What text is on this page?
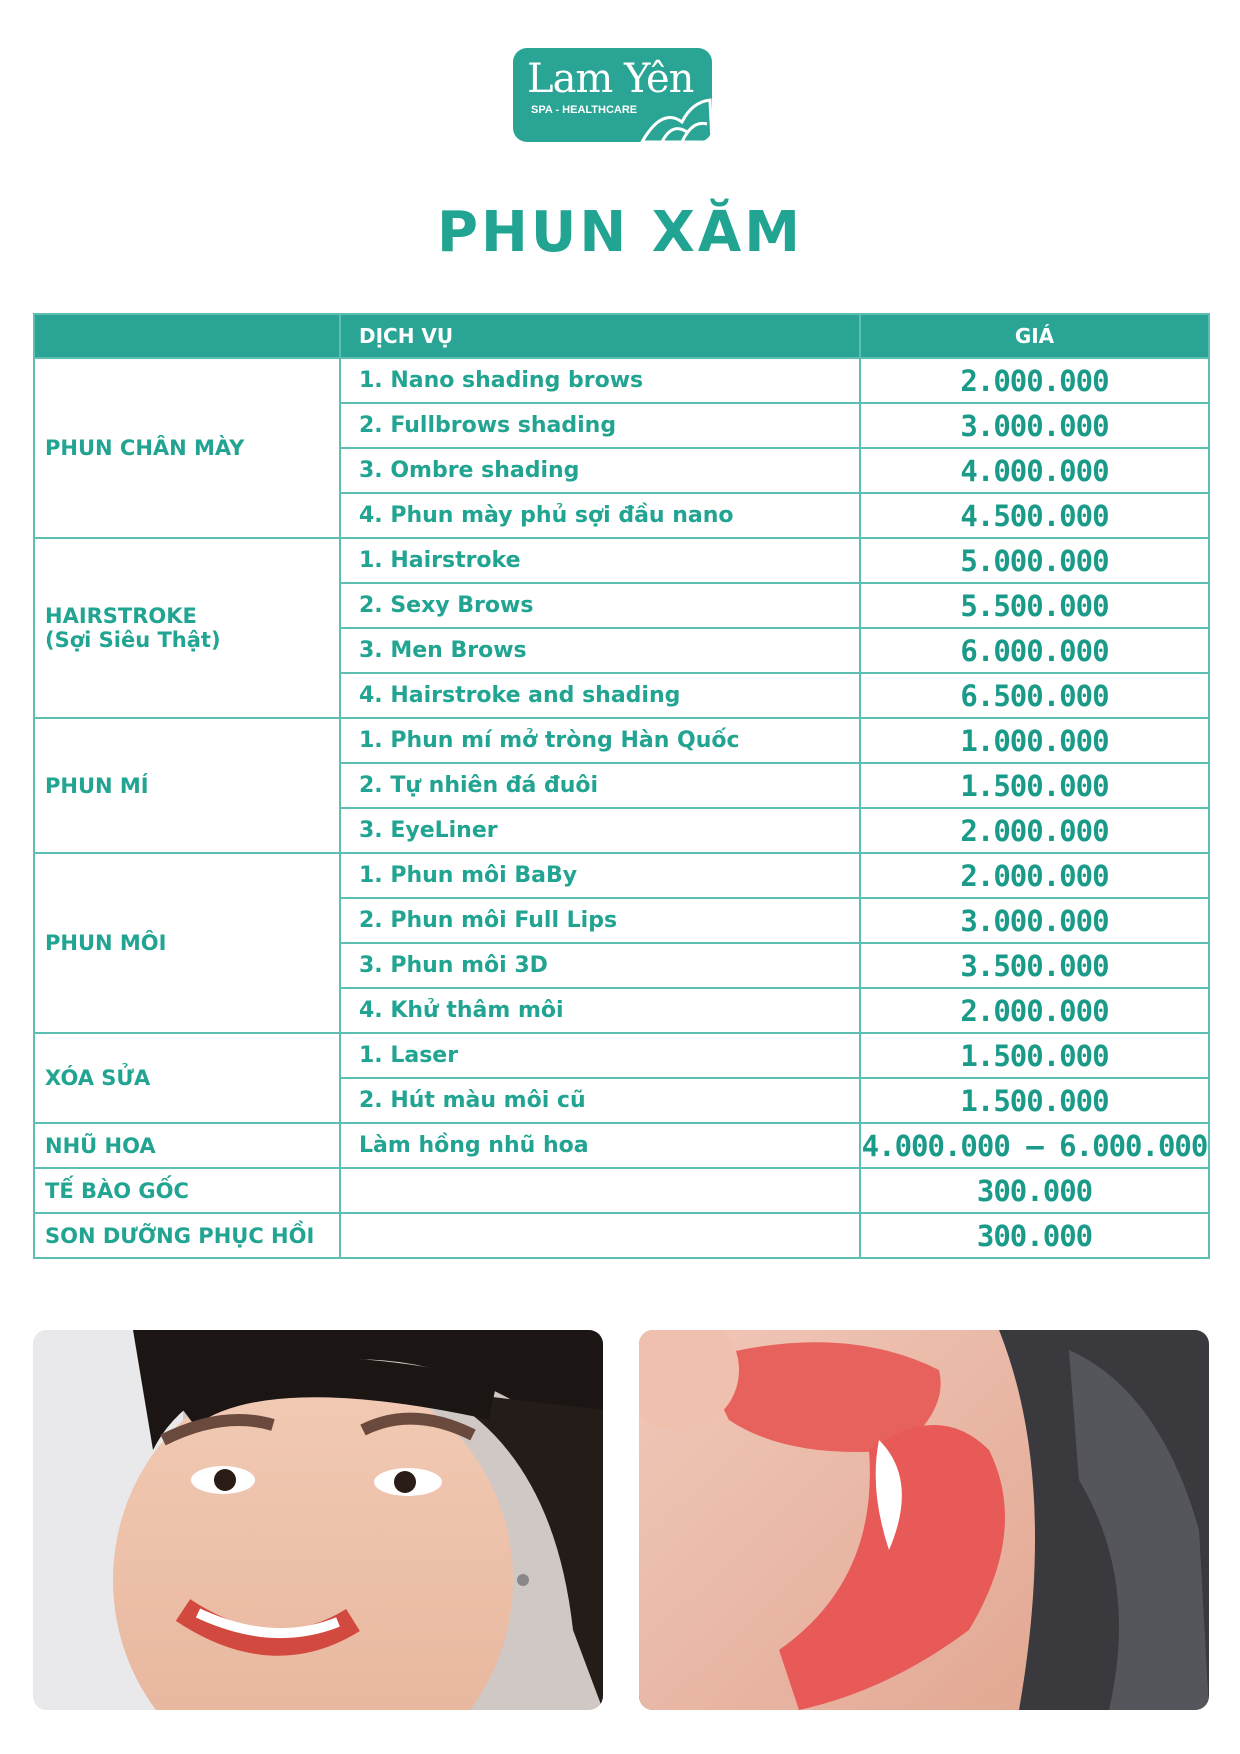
Lam Yên
SPA - HEALTHCARE
PHUN XĂM
	DỊCH VỤ	GIÁ

PHUN CHÂN MÀY	1. Nano shading brows	2.000.000
	2. Fullbrows shading	3.000.000
	3. Ombre shading	4.000.000
	4. Phun mày phủ sợi đầu nano	4.500.000

HAIRSTROKE
(Sợi Siêu Thật)	1. Hairstroke	5.000.000
	2. Sexy Brows	5.500.000
	3. Men Brows	6.000.000
	4. Hairstroke and shading	6.500.000

PHUN MÍ	1. Phun mí mở tròng Hàn Quốc	1.000.000
	2. Tự nhiên đá đuôi	1.500.000
	3. EyeLiner	2.000.000

PHUN MÔI	1. Phun môi BaBy	2.000.000
	2. Phun môi Full Lips	3.000.000
	3. Phun môi 3D	3.500.000
	4. Khử thâm môi	2.000.000

XÓA SỬA	1. Laser	1.500.000
	2. Hút màu môi cũ	1.500.000

NHŨ HOA	Làm hồng nhũ hoa	4.000.000 – 6.000.000

TẾ BÀO GỐC		300.000

SON DƯỠNG PHỤC HỒI		300.000
